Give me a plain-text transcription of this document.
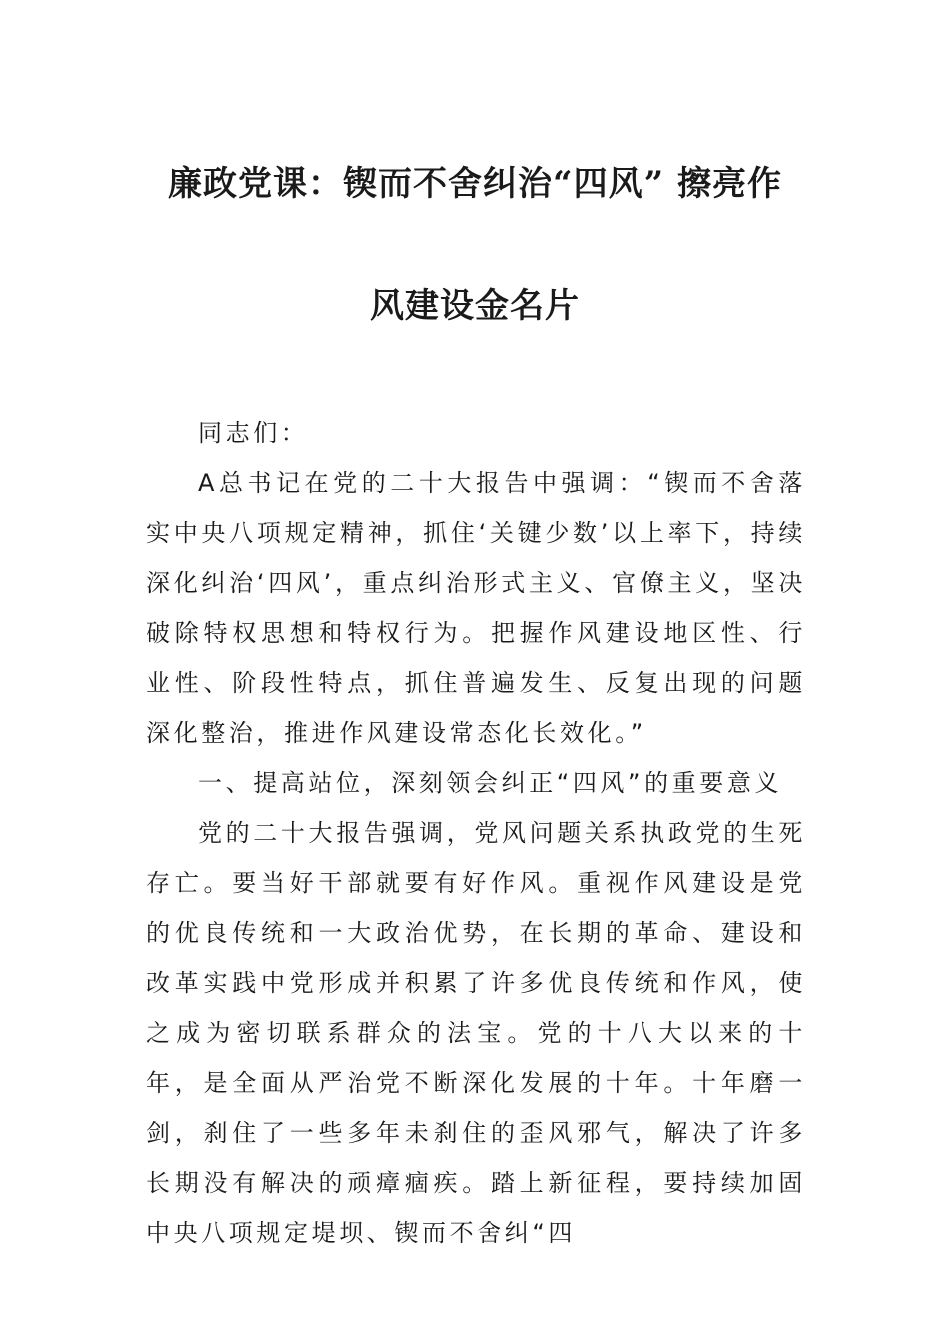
廉政党课：锲而不舍纠治“四风” 擦亮作
风建设金名片

同志们：

A总书记在党的二十大报告中强调：“锲而不舍落实中央八项规定精神，抓住‘关键少数’以上率下，持续深化纠治‘四风’，重点纠治形式主义、官僚主义，坚决破除特权思想和特权行为。把握作风建设地区性、行业性、阶段性特点，抓住普遍发生、反复出现的问题深化整治，推进作风建设常态化长效化。”

一、提高站位，深刻领会纠正“四风”的重要意义

党的二十大报告强调，党风问题关系执政党的生死存亡。要当好干部就要有好作风。重视作风建设是党的优良传统和一大政治优势，在长期的革命、建设和改革实践中党形成并积累了许多优良传统和作风，使之成为密切联系群众的法宝。党的十八大以来的十年，是全面从严治党不断深化发展的十年。十年磨一剑，刹住了一些多年未刹住的歪风邪气，解决了许多长期没有解决的顽瘴痼疾。踏上新征程，要持续加固中央八项规定堤坝、锲而不舍纠“四
